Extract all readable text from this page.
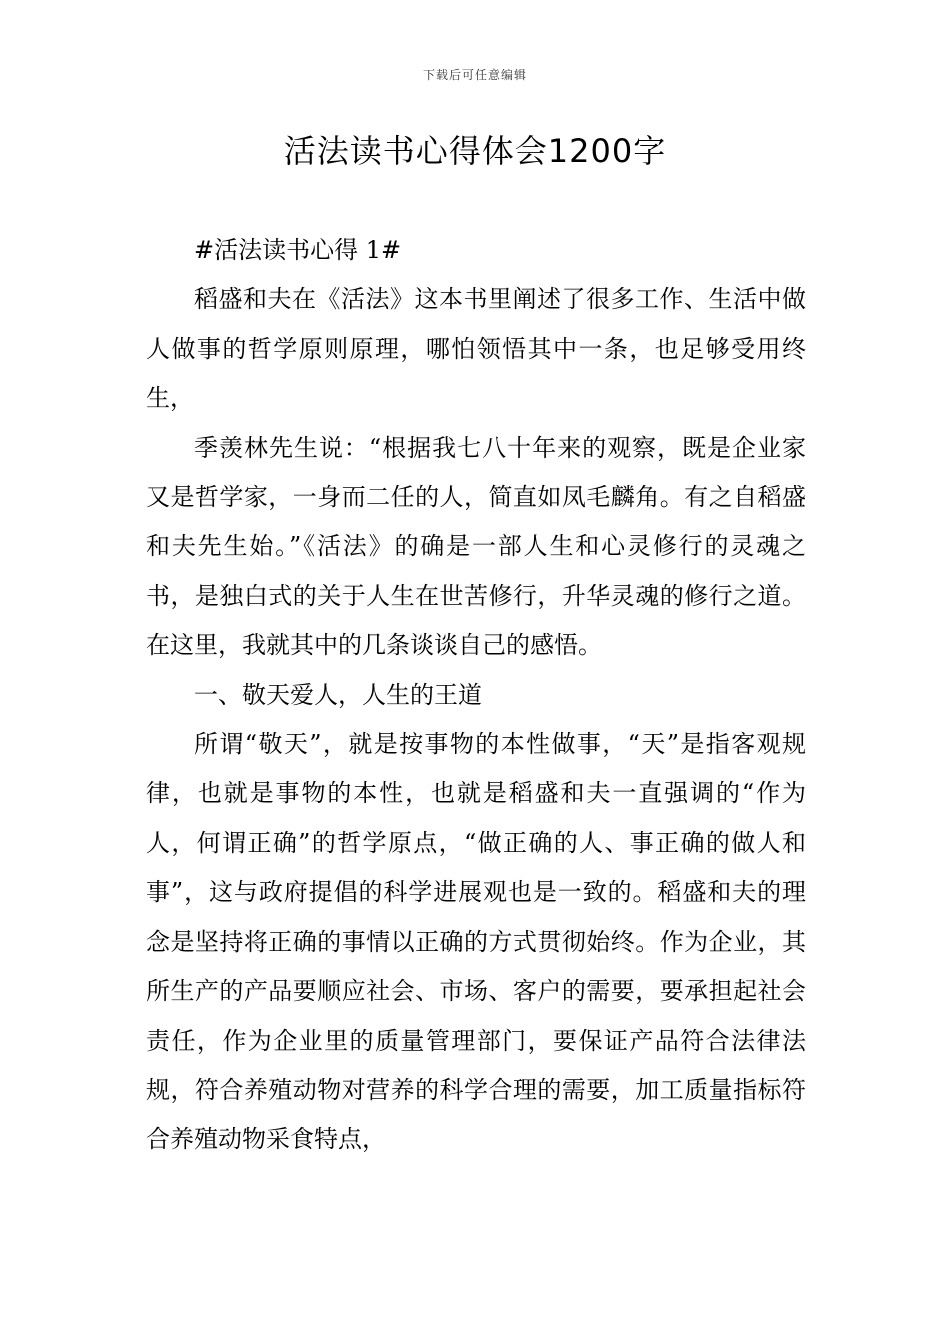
下载后可任意编辑
活法读书心得体会1200字

#活法读书心得 1#

稻盛和夫在《活法》这本书里阐述了很多工作、生活中做人做事的哲学原则原理，哪怕领悟其中一条，也足够受用终生，

季羡林先生说：“根据我七八十年来的观察，既是企业家又是哲学家，一身而二任的人，简直如凤毛麟角。有之自稻盛和夫先生始。”《活法》的确是一部人生和心灵修行的灵魂之书，是独白式的关于人生在世苦修行，升华灵魂的修行之道。在这里，我就其中的几条谈谈自己的感悟。

一、敬天爱人，人生的王道

所谓“敬天”，就是按事物的本性做事，“天”是指客观规律，也就是事物的本性，也就是稻盛和夫一直强调的“作为人，何谓正确”的哲学原点，“做正确的人、事正确的做人和事”，这与政府提倡的科学进展观也是一致的。稻盛和夫的理念是坚持将正确的事情以正确的方式贯彻始终。作为企业，其所生产的产品要顺应社会、市场、客户的需要，要承担起社会责任，作为企业里的质量管理部门，要保证产品符合法律法规，符合养殖动物对营养的科学合理的需要，加工质量指标符合养殖动物采食特点，
